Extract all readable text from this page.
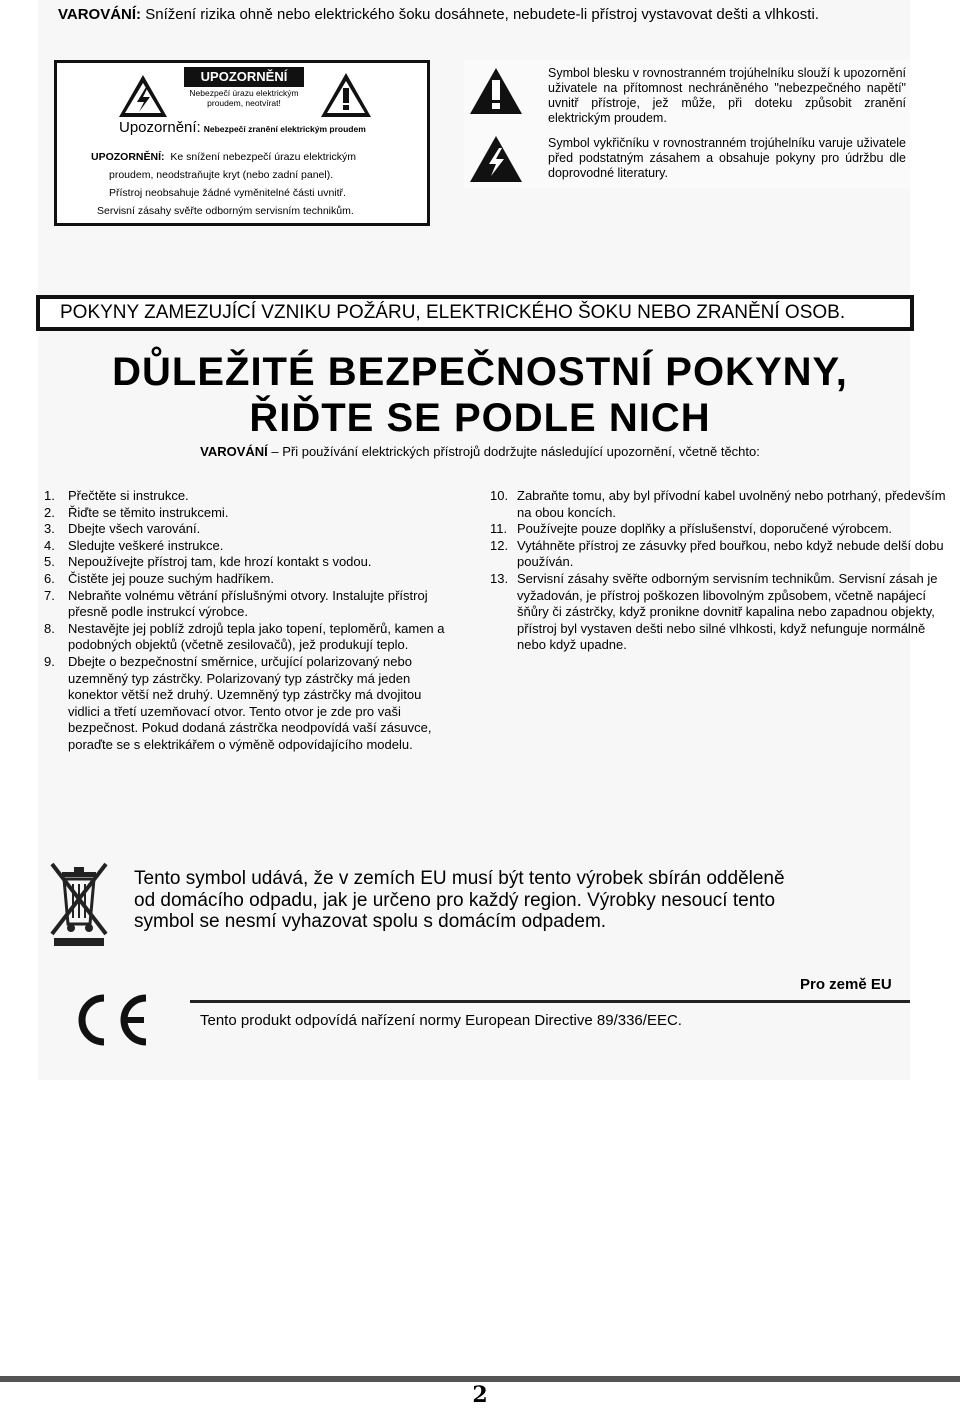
VAROVÁNÍ: Snížení rizika ohně nebo elektrického šoku dosáhnete, nebudete-li přístroj vystavovat dešti a vlhkosti.
UPOZORNĚNÍ
Nebezpečí úrazu elektrickým
proudem, neotvírat!
Upozornění: Nebezpečí zranění elektrickým proudem
UPOZORNĚNÍ: Ke snížení nebezpečí úrazu elektrickým
proudem, neodstraňujte kryt (nebo zadní panel).
Přístroj neobsahuje žádné vyměnitelné části uvnitř.
Servisní zásahy svěřte odborným servisním technikům.
Symbol blesku v rovnostranném trojúhelníku slouží k upozornění uživatele na přítomnost nechráněného "nebezpečného napětí" uvnitř přístroje, jež může, při doteku způsobit zranění elektrickým proudem.
Symbol vykřičníku v rovnostranném trojúhelníku varuje uživatele před podstatným zásahem a obsahuje pokyny pro údržbu dle doprovodné literatury.
POKYNY ZAMEZUJÍCÍ VZNIKU POŽÁRU, ELEKTRICKÉHO ŠOKU NEBO ZRANĚNÍ OSOB.
DŮLEŽITÉ BEZPEČNOSTNÍ POKYNY,
ŘIĎTE SE PODLE NICH
VAROVÁNÍ – Při používání elektrických přístrojů dodržujte následující upozornění, včetně těchto:
1.	Přečtěte si instrukce.
2.	Řiďte se těmito instrukcemi.
3.	Dbejte všech varování.
4.	Sledujte veškeré instrukce.
5.	Nepoužívejte přístroj tam, kde hrozí kontakt s vodou.
6.	Čistěte jej pouze suchým hadříkem.
7.	Nebraňte volnému větrání příslušnými otvory. Instalujte přístroj přesně podle instrukcí výrobce.
8.	Nestavějte jej poblíž zdrojů tepla jako topení, teploměrů, kamen a podobných objektů (včetně zesilovačů), jež produkují teplo.
9.	Dbejte o bezpečnostní směrnice, určující polarizovaný nebo uzemněný typ zástrčky. Polarizovaný typ zástrčky má jeden konektor větší než druhý. Uzemněný typ zástrčky má dvojitou vidlici a třetí uzemňovací otvor. Tento otvor je zde pro vaši bezpečnost. Pokud dodaná zástrčka neodpovídá vaší zásuvce, poraďte se s elektrikářem o výměně odpovídajícího modelu.
10. Zabraňte tomu, aby byl přívodní kabel uvolněný nebo potrhaný, především na obou koncích.
11. Používejte pouze doplňky a příslušenství, doporučené výrobcem.
12. Vytáhněte přístroj ze zásuvky před bouřkou, nebo když nebude delší dobu používán.
13. Servisní zásahy svěřte odborným servisním technikům. Servisní zásah je vyžadován, je přístroj poškozen libovolným způsobem, včetně napájecí šňůry či zástrčky, když pronikne dovnitř kapalina nebo zapadnou objekty, přístroj byl vystaven dešti nebo silné vlhkosti, když nefunguje normálně nebo když upadne.
Tento symbol udává, že v zemích EU musí být tento výrobek sbírán odděleně od domácího odpadu, jak je určeno pro každý region. Výrobky nesoucí tento symbol se nesmí vyhazovat spolu s domácím odpadem.
Pro země EU
Tento produkt odpovídá nařízení normy European Directive 89/336/EEC.
2
